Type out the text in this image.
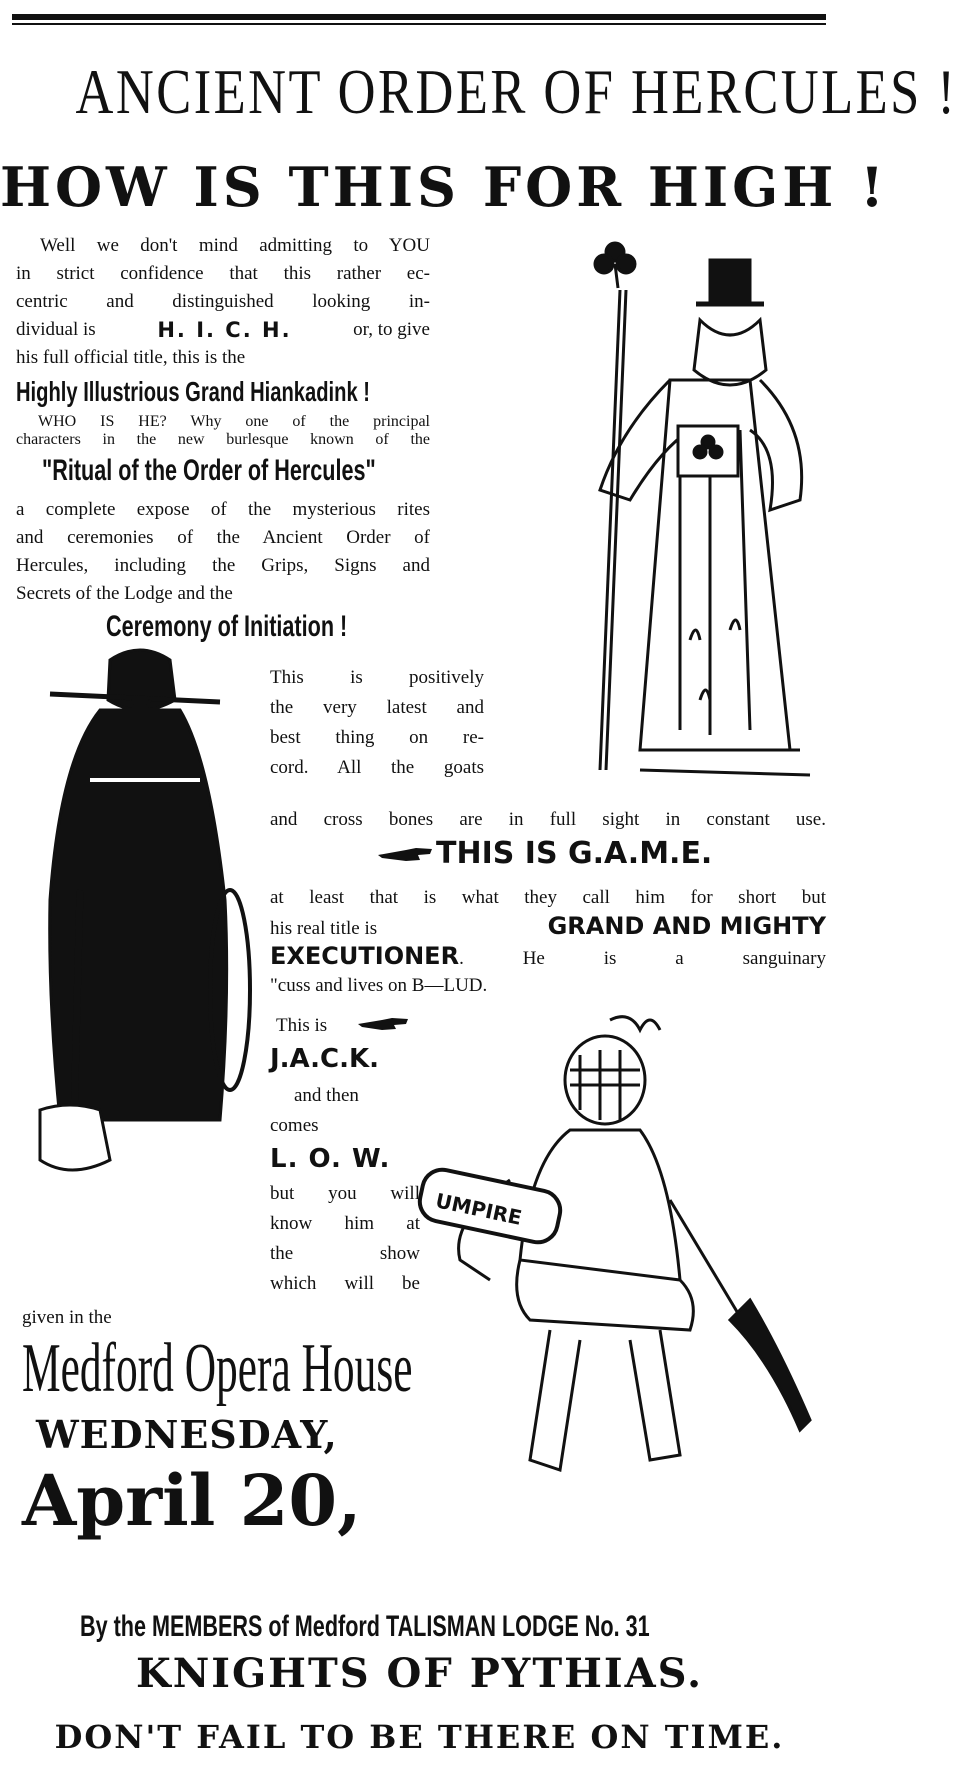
ANCIENT ORDER OF HERCULES !
HOW IS THIS FOR HIGH !
Well we don't mind admitting to YOU
in strict confidence that this rather ec-
centric and distinguished looking in-
dividual is	H. I. C. H.	or, to give
his full official title, this is the
Highly Illustrious Grand Hiankadink !
WHO IS HE? Why one of the principal
characters in the new burlesque known of the
"Ritual of the Order of Hercules"
a complete expose of the mysterious rites
and ceremonies of the Ancient Order of
Hercules, including the Grips, Signs and
Secrets of the Lodge and the
Ceremony of Initiation !
This is positively
the very latest and
best thing on re-
cord. All the goats
and cross bones are in full sight in constant use.
THIS IS G.A.M.E.
at least that is what they call him for short but
his real title is	GRAND AND MIGHTY
EXECUTIONER . He is a sanguinary
"cuss and lives on B—LUD.
This is
J.A.C.K.
and then
comes
L. O. W.
but you will
know him at
the show
which will be
given in the
Medford Opera House
WEDNESDAY,
April 20,
UMPIRE
By the MEMBERS of Medford TALISMAN LODGE No. 31
KNIGHTS OF PYTHIAS.
DON'T FAIL TO BE THERE ON TIME.
